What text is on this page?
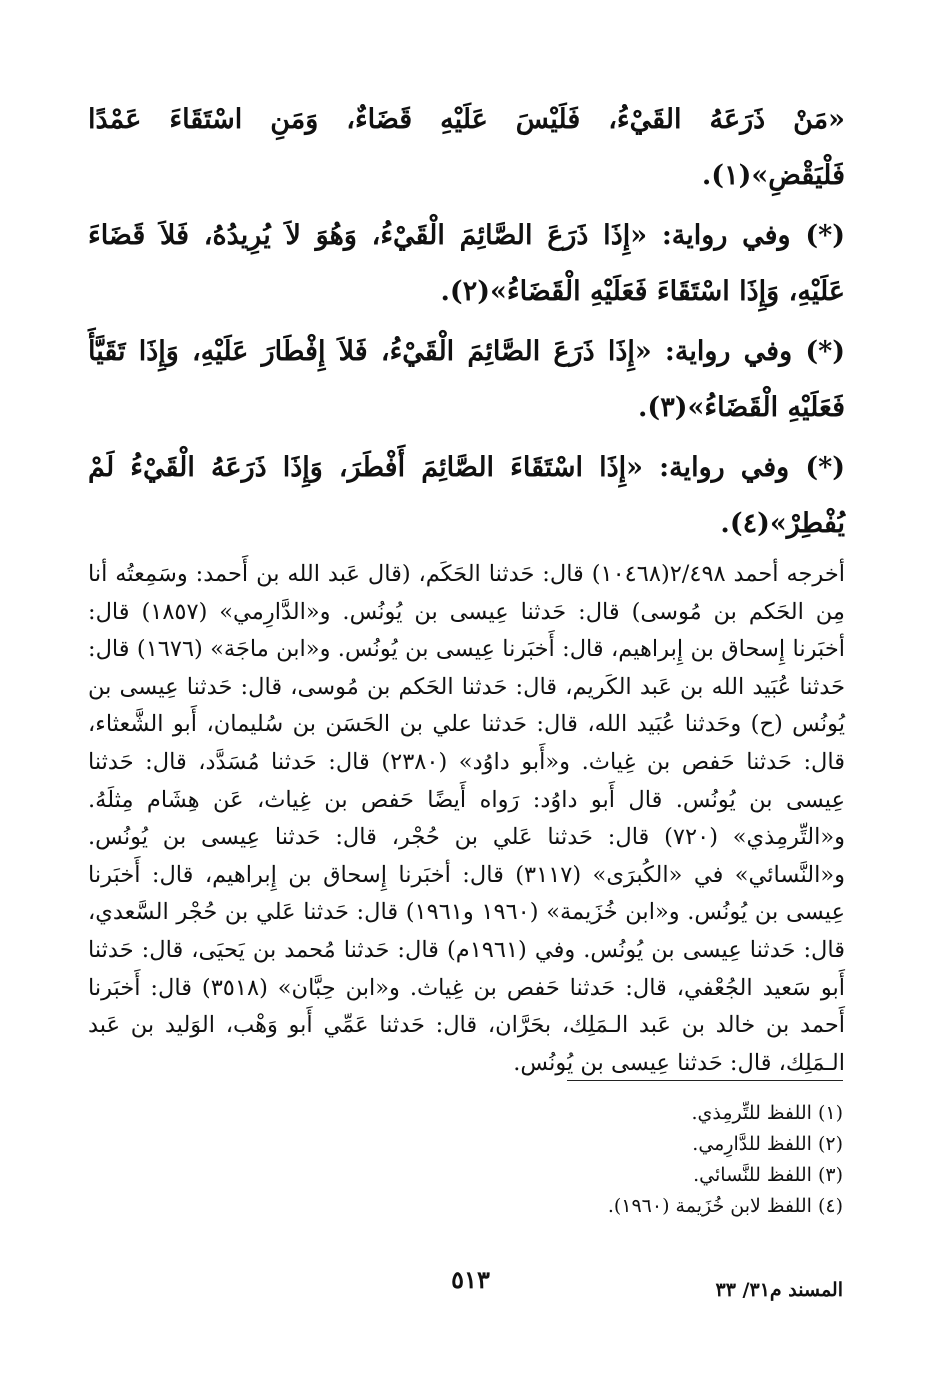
«مَنْ ذَرَعَهُ القَيْءُ، فَلَيْسَ عَلَيْهِ قَضَاءٌ، وَمَنِ اسْتَقَاءَ عَمْدًا فَلْيَقْضِ»(١).

(*) وفي رواية: «إِذَا ذَرَعَ الصَّائِمَ الْقَيْءُ، وَهُوَ لاَ يُرِيدُهُ، فَلاَ قَضَاءَ عَلَيْهِ، وَإِذَا اسْتَقَاءَ فَعَلَيْهِ الْقَضَاءُ»(٢).

(*) وفي رواية: «إِذَا ذَرَعَ الصَّائِمَ الْقَيْءُ، فَلاَ إِفْطَارَ عَلَيْهِ، وَإِذَا تَقَيَّأَ فَعَلَيْهِ الْقَضَاءُ»(٣).

(*) وفي رواية: «إِذَا اسْتَقَاءَ الصَّائِمَ أَفْطَرَ، وَإِذَا ذَرَعَهُ الْقَيْءُ لَمْ يُفْطِرْ»(٤).

أخرجه أحمد ٢/٤٩٨(١٠٤٦٨) قال: حَدثنا الحَكَم، (قال عَبد الله بن أَحمد: وسَمِعتُه أنا مِن الحَكم بن مُوسى) قال: حَدثنا عِيسى بن يُونُس. و«الدَّارِمي» (١٨٥٧) قال: أخبَرنا إِسحاق بن إِبراهيم، قال: أَخبَرنا عِيسى بن يُونُس. و«ابن ماجَة» (١٦٧٦) قال: حَدثنا عُبَيد الله بن عَبد الكَريم، قال: حَدثنا الحَكم بن مُوسى، قال: حَدثنا عِيسى بن يُونُس (ح) وحَدثنا عُبَيد الله، قال: حَدثنا علي بن الحَسَن بن سُليمان، أَبو الشَّعثاء، قال: حَدثنا حَفص بن غِياث. و«أَبو داوُد» (٢٣٨٠) قال: حَدثنا مُسَدَّد، قال: حَدثنا عِيسى بن يُونُس. قال أَبو داوُد: رَواه أَيضًا حَفص بن غِياث، عَن هِشَام مِثلَهُ. و«التِّرمِذي» (٧٢٠) قال: حَدثنا عَلي بن حُجْر، قال: حَدثنا عِيسى بن يُونُس. و«النَّسائي» في «الكُبرَى» (٣١١٧) قال: أخبَرنا إِسحاق بن إِبراهيم، قال: أَخبَرنا عِيسى بن يُونُس. و«ابن خُزَيمة» (١٩٦٠ و١٩٦١) قال: حَدثنا عَلي بن حُجْر السَّعدي، قال: حَدثنا عِيسى بن يُونُس. وفي (١٩٦١م) قال: حَدثنا مُحمد بن يَحيَى، قال: حَدثنا أَبو سَعيد الجُعْفي، قال: حَدثنا حَفص بن غِياث. و«ابن حِبَّان» (٣٥١٨) قال: أَخبَرنا أَحمد بن خالد بن عَبد الـمَلِك، بحَرَّان، قال: حَدثنا عَمِّي أَبو وَهْب، الوَليد بن عَبد الـمَلِك، قال: حَدثنا عِيسى بن يُونُس.

(١) اللفظ للتِّرمِذي.

(٢) اللفظ للدَّارِمي.

(٣) اللفظ للنَّسائي.

(٤) اللفظ لابن خُزَيمة (١٩٦٠).

٥١٣	المسند م٣١/ ٣٣
